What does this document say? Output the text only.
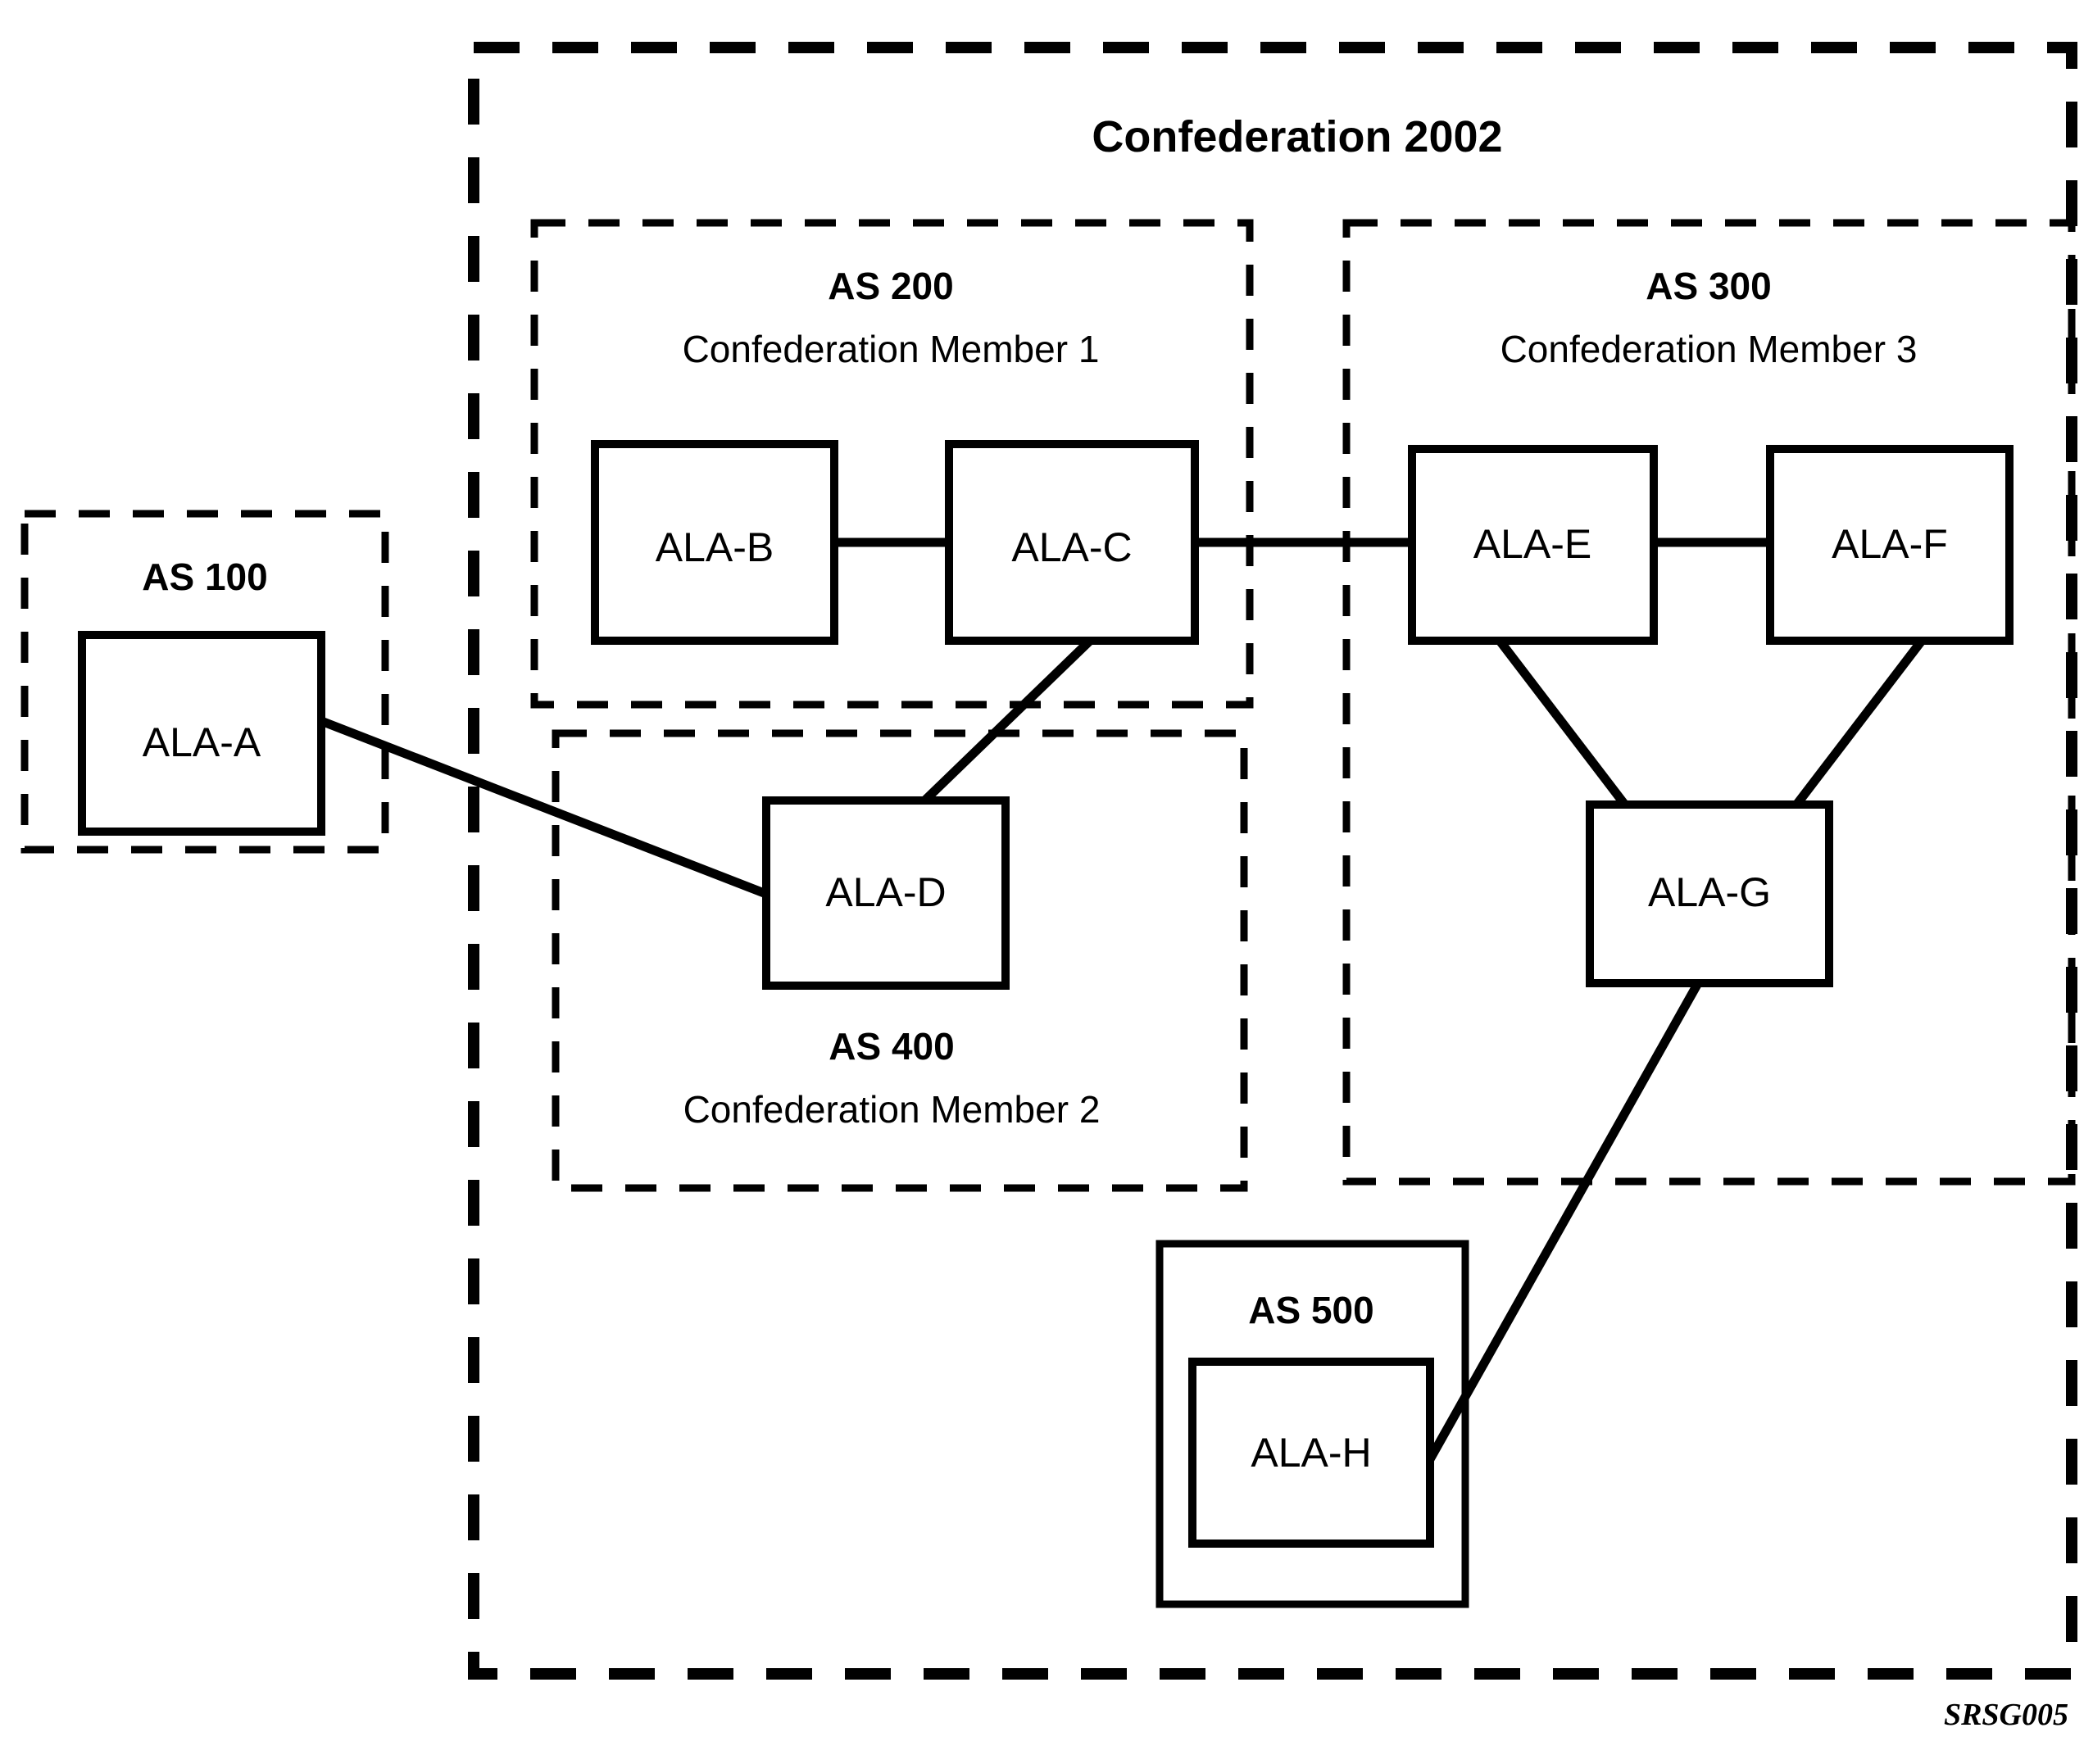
ALA-A
ALA-B	ALA-C
ALA-D
ALA-E	ALA-F
ALA-G
ALA-H
Confederation 2002
AS 200
Confederation Member 1
AS 300
Confederation Member 3
AS 100
AS 400
Confederation Member 2
AS 500
SRSG005
